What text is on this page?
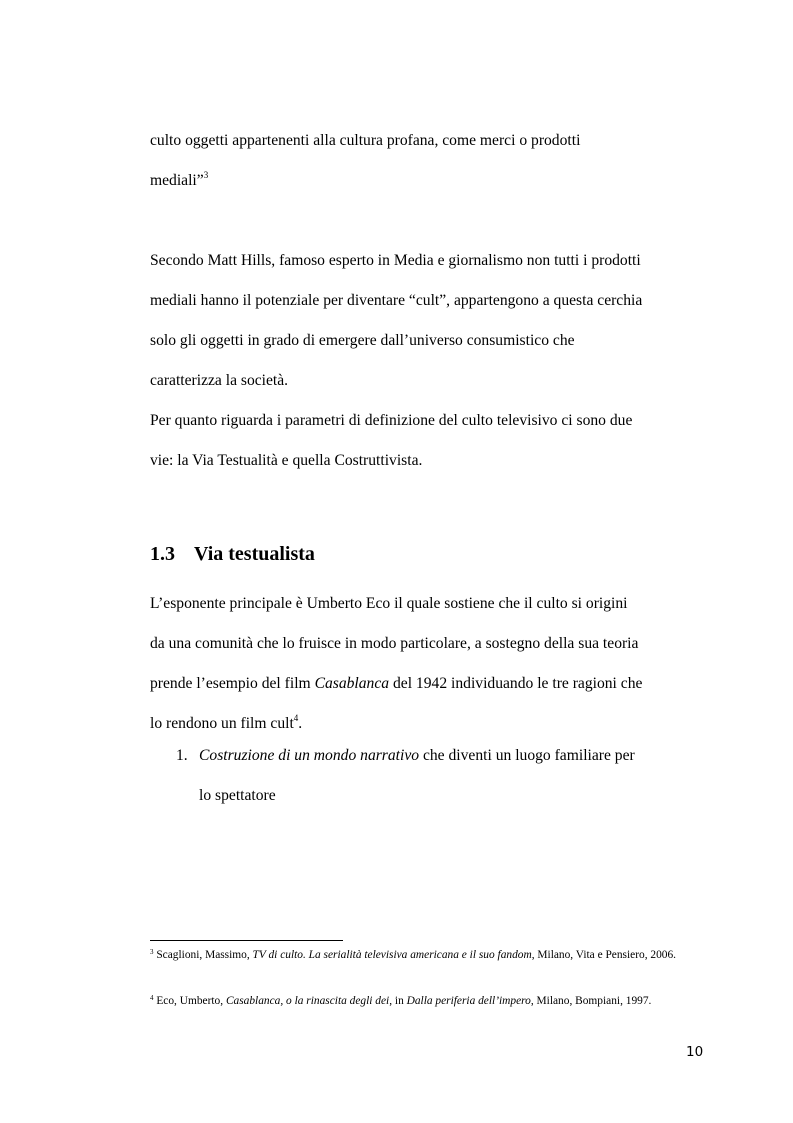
culto oggetti appartenenti alla cultura profana, come merci o prodotti
mediali”$^3$
Secondo Matt Hills, famoso esperto in Media e giornalismo non tutti i prodotti
mediali hanno il potenziale per diventare “cult”, appartengono a questa cerchia
solo gli oggetti in grado di emergere dall’universo consumistico che
caratterizza la società.
Per quanto riguarda i parametri di definizione del culto televisivo ci sono due
vie: la Via Testualità e quella Costruttivista.
1.3 Via testualista
L’esponente principale è Umberto Eco il quale sostiene che il culto si origini
da una comunità che lo fruisce in modo particolare, a sostegno della sua teoria
prende l’esempio del film Casablanca del 1942 individuando le tre ragioni che
lo rendono un film cult$^4$.
1. Costruzione di un mondo narrativo che diventi un luogo familiare per
lo spettatore
$^3$ Scaglioni, Massimo, TV di culto. La serialità televisiva americana e il suo fandom, Milano, Vita e Pensiero, 2006.
$^4$ Eco, Umberto, Casablanca, o la rinascita degli dei, in Dalla periferia dell’impero, Milano, Bompiani, 1997.
10
